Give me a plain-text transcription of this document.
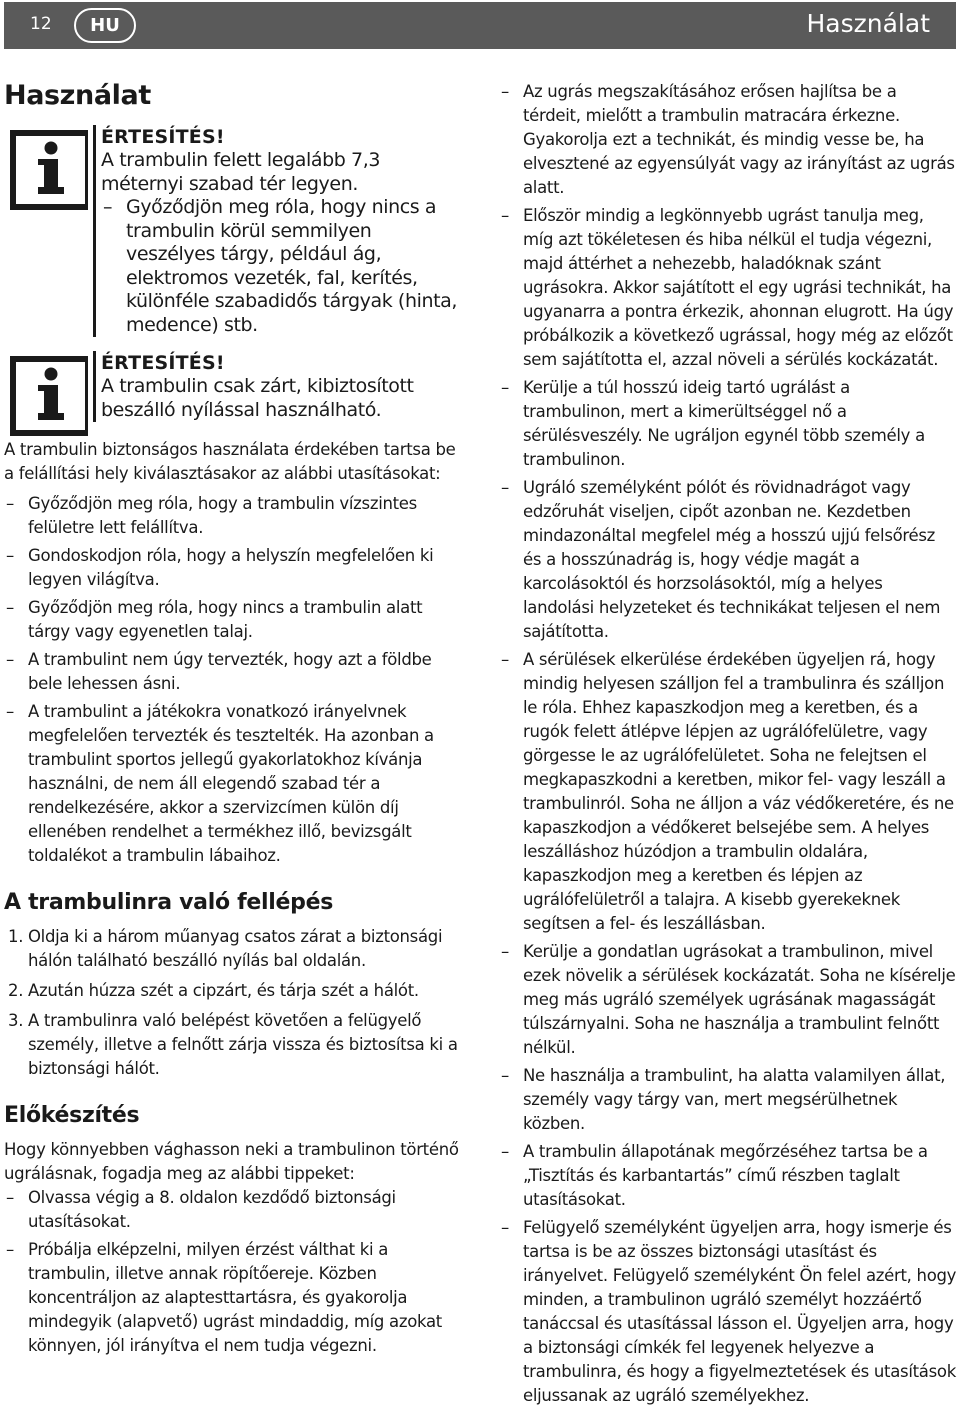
12	HU	Használat
Használat
ÉRTESÍTÉS!
A trambulin felett legalább 7,3 méternyi szabad tér legyen.
– Győződjön meg róla, hogy nincs a trambulin körül semmilyen veszélyes tárgy, például ág, elektromos vezeték, fal, kerítés, különféle szabadidős tárgyak (hinta, medence) stb.
ÉRTESÍTÉS!
A trambulin csak zárt, kibiztosított beszálló nyílással használható.

A trambulin biztonságos használata érdekében tartsa be a felállítási hely kiválasztásakor az alábbi utasításokat:

– Győződjön meg róla, hogy a trambulin vízszintes felületre lett felállítva.
– Gondoskodjon róla, hogy a helyszín megfelelően ki legyen világítva.
– Győződjön meg róla, hogy nincs a trambulin alatt tárgy vagy egyenetlen talaj.
– A trambulint nem úgy tervezték, hogy azt a földbe bele lehessen ásni.
– A trambulint a játékokra vonatkozó irányelvnek megfelelően tervezték és tesztelték. Ha azonban a trambulint sportos jellegű gyakorlatokhoz kívánja használni, de nem áll elegendő szabad tér a rendelkezésére, akkor a szervizcímen külön díj ellenében rendelhet a termékhez illő, bevizsgált toldalékot a trambulin lábaihoz.
A trambulinra való fellépés
1. Oldja ki a három műanyag csatos zárat a biztonsági hálón található beszálló nyílás bal oldalán.
2. Azután húzza szét a cipzárt, és tárja szét a hálót.
3. A trambulinra való belépést követően a felügyelő személy, illetve a felnőtt zárja vissza és biztosítsa ki a biztonsági hálót.
Előkészítés

Hogy könnyebben vághasson neki a trambulinon történő ugrálásnak, fogadja meg az alábbi tippeket:

– Olvassa végig a 8. oldalon kezdődő biztonsági utasításokat.
– Próbálja elképzelni, milyen érzést válthat ki a trambulin, illetve annak röpítőereje. Közben koncentráljon az alaptesttartásra, és gyakorolja mindegyik (alapvető) ugrást mindaddig, míg azokat könnyen, jól irányítva el nem tudja végezni.
– Az ugrás megszakításához erősen hajlítsa be a térdeit, mielőtt a trambulin matracára érkezne. Gyakorolja ezt a technikát, és mindig vesse be, ha elvesztené az egyensúlyát vagy az irányítást az ugrás alatt.
– Először mindig a legkönnyebb ugrást tanulja meg, míg azt tökéletesen és hiba nélkül el tudja végezni, majd áttérhet a nehezebb, haladóknak szánt ugrásokra. Akkor sajátított el egy ugrási technikát, ha ugyanarra a pontra érkezik, ahonnan elugrott. Ha úgy próbálkozik a következő ugrással, hogy még az előzőt sem sajátította el, azzal növeli a sérülés kockázatát.
– Kerülje a túl hosszú ideig tartó ugrálást a trambulinon, mert a kimerültséggel nő a sérülésveszély. Ne ugráljon egynél több személy a trambulinon.
– Ugráló személyként pólót és rövidnadrágot vagy edzőruhát viseljen, cipőt azonban ne. Kezdetben mindazonáltal megfelel még a hosszú ujjú felsőrész és a hosszúnadrág is, hogy védje magát a karcolásoktól és horzsolásoktól, míg a helyes landolási helyzeteket és technikákat teljesen el nem sajátította.
– A sérülések elkerülése érdekében ügyeljen rá, hogy mindig helyesen szálljon fel a trambulinra és szálljon le róla. Ehhez kapaszkodjon meg a keretben, és a rugók felett átlépve lépjen az ugrálófelületre, vagy görgesse le az ugrálófelületet. Soha ne felejtsen el megkapaszkodni a keretben, mikor fel- vagy leszáll a trambulinról. Soha ne álljon a váz védőkeretére, és ne kapaszkodjon a védőkeret belsejébe sem. A helyes leszálláshoz húzódjon a trambulin oldalára, kapaszkodjon meg a keretben és lépjen az ugrálófelületről a talajra. A kisebb gyerekeknek segítsen a fel- és leszállásban.
– Kerülje a gondatlan ugrásokat a trambulinon, mivel ezek növelik a sérülések kockázatát. Soha ne kísérelje meg más ugráló személyek ugrásának magasságát túlszárnyalni. Soha ne használja a trambulint felnőtt nélkül.
– Ne használja a trambulint, ha alatta valamilyen állat, személy vagy tárgy van, mert megsérülhetnek közben.
– A trambulin állapotának megőrzéséhez tartsa be a „Tisztítás és karbantartás” című részben taglalt utasításokat.
– Felügyelő személyként ügyeljen arra, hogy ismerje és tartsa is be az összes biztonsági utasítást és irányelvet. Felügyelő személyként Ön felel azért, hogy minden, a trambulinon ugráló személyt hozzáértő tanáccsal és utasítással lásson el. Ügyeljen arra, hogy a biztonsági címkék fel legyenek helyezve a trambulinra, és hogy a figyelmeztetések és utasítások eljussanak az ugráló személyekhez.
